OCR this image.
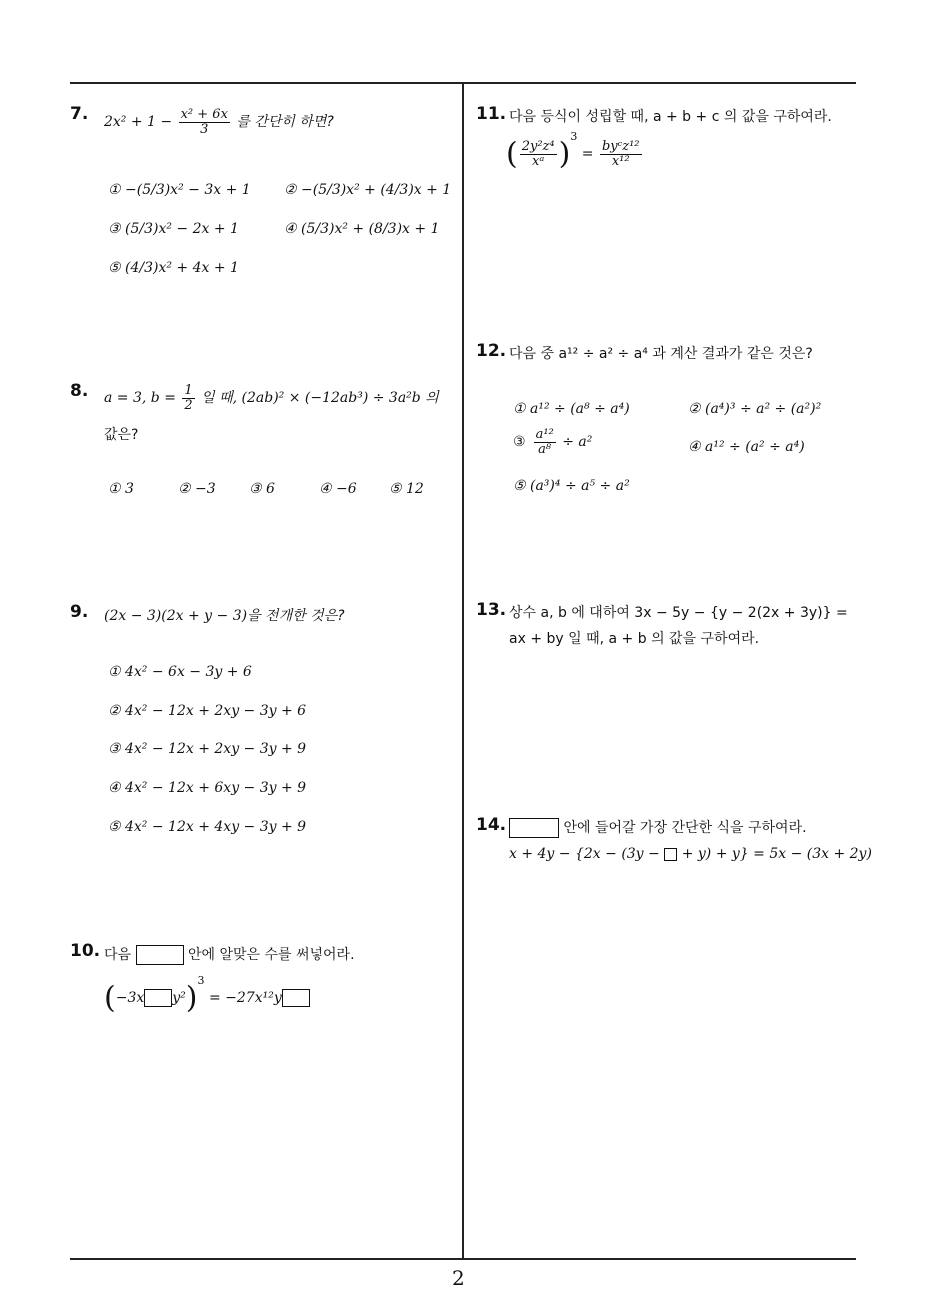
7. $2x^2 + 1 - \frac{\text{x² + 6x}}{3}$ 를 간단히 하면?
① −(5/3)x² − 3x + 1 ② −(5/3)x² + (4/3)x + 1
③ (5/3)x² − 2x + 1	④ (5/3)x² + (8/3)x + 1
⑤ (4/3)x² + 4x + 1
8. a = 3, $b = \frac{1}{2}$ 일 때, (2ab)² × (−12ab³) ÷ 3a²b 의
값은?
① 3	② −3 ③ 6	④ −6 ⑤ 12
9. (2x − 3)(2x + y − 3)을 전개한 것은?
① 4x² − 6x − 3y + 6
② 4x² − 12x + 2xy − 3y + 6
③ 4x² − 12x + 2xy − 3y + 9
④ 4x² − 12x + 6xy − 3y + 9
⑤ 4x² − 12x + 4xy − 3y + 9
10. 다음	안에 알맞은 수를 써넣어라.
(−3x y²)$^3$ = −27x¹²y
11. 다음 등식이 성립할 때, a + b + c 의 값을 구하여라.
( $\frac{\text{2y²z⁴}}{\text{xᵃ}} )^3 = \frac{\text{byᶜz¹²}}{\text{x¹²}}$
12. 다음 중 a¹² ÷ a² ÷ a⁴ 과 계산 결과가 같은 것은?
① a¹² ÷ (a⁸ ÷ a⁴)	② (a⁴)³ ÷ a² ÷ (a²)²
③ $\frac{\text{a¹²}}{\text{a⁸}} \div a^2$	④ a¹² ÷ (a² ÷ a⁴)
⑤ (a³)⁴ ÷ a⁵ ÷ a²
13. 상수 a, b 에 대하여 3x − 5y − {y − 2(2x + 3y)} =
ax + by 일 때, a + b 의 값을 구하여라.
14.	안에 들어갈 가장 간단한 식을 구하여라.
x + 4y − {2x − (3y − + y) + y} = 5x − (3x + 2y)
2
